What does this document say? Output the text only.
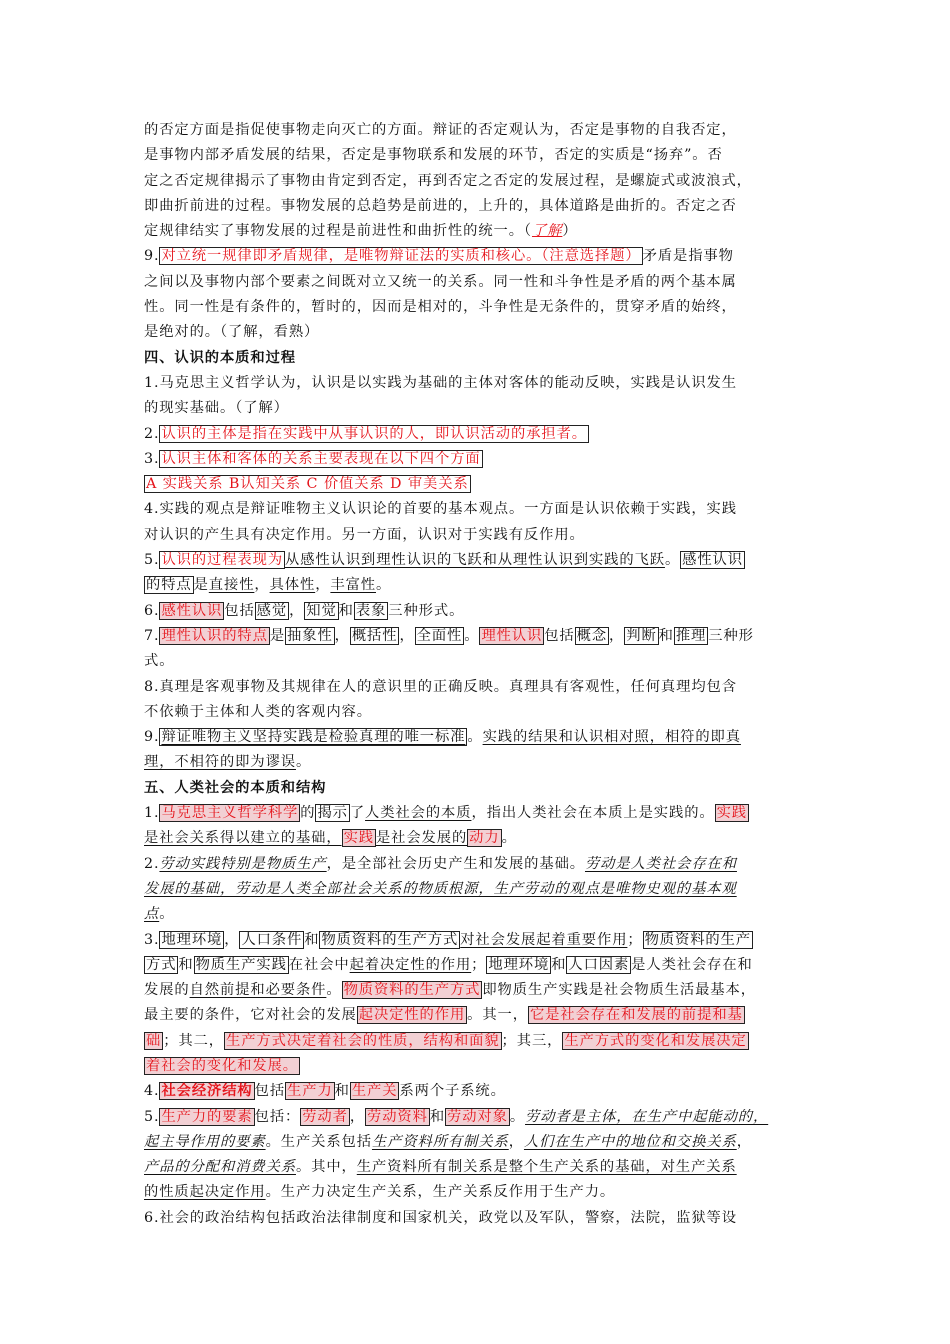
的否定方面是指促使事物走向灭亡的方面。辩证的否定观认为，否定是事物的自我否定，
是事物内部矛盾发展的结果，否定是事物联系和发展的环节，否定的实质是“扬弃”。否
定之否定规律揭示了事物由肯定到否定，再到否定之否定的发展过程，是螺旋式或波浪式，
即曲折前进的过程。事物发展的总趋势是前进的，上升的，具体道路是曲折的。否定之否
定规律结实了事物发展的过程是前进性和曲折性的统一。（了解）
9. 对立统一规律即矛盾规律，是唯物辩证法的实质和核心。（注意选择题） 矛盾是指事物
之间以及事物内部个要素之间既对立又统一的关系。同一性和斗争性是矛盾的两个基本属
性。同一性是有条件的，暂时的，因而是相对的，斗争性是无条件的，贯穿矛盾的始终，
是绝对的。（了解，看熟）
四、认识的本质和过程
1.马克思主义哲学认为，认识是以实践为基础的主体对客体的能动反映，实践是认识发生
的现实基础。（了解）
2. 认识的主体是指在实践中从事认识的人，即认识活动的承担者。
3. 认识主体和客体的关系主要表现在以下四个方面
A 实践关系 B认知关系 C 价值关系 D 审美关系
4.实践的观点是辩证唯物主义认识论的首要的基本观点。一方面是认识依赖于实践，实践
对认识的产生具有决定作用。另一方面，认识对于实践有反作用。
5. 认识的过程表现为 从感性认识到理性认识的飞跃和从理性认识到实践的飞跃。 感性认识
的特点 是直接性，具体性，丰富性。
6. 感性认识 包括 感觉 ， 知觉 和 表象 三种形式。
7. 理性认识的特点 是 抽象性 ， 概括性 ， 全面性 。 理性认识 包括 概念 ， 判断 和 推理 三种形
式。
8.真理是客观事物及其规律在人的意识里的正确反映。真理具有客观性，任何真理均包含
不依赖于主体和人类的客观内容。
9. 辩证唯物主义坚持实践是检验真理的唯一标准 。实践的结果和认识相对照，相符的即真
理，不相符的即为谬误。
五、人类社会的本质和结构
1. 马克思主义哲学科学 的 揭示 了人类社会的本质，指出人类社会在本质上是实践的。 实践
是社会关系得以建立的基础， 实践 是社会发展的 动力 。
2.劳动实践特别是物质生产，是全部社会历史产生和发展的基础。劳动是人类社会存在和
发展的基础，劳动是人类全部社会关系的物质根源，生产劳动的观点是唯物史观的基本观
点。
3. 地理环境 ， 人口条件 和 物质资料的生产方式 对社会发展起着重要作用； 物质资料的生产
方式 和 物质生产实践 在社会中起着决定性的作用； 地理环境 和 人口因素 是人类社会存在和
发展的自然前提和必要条件。 物质资料的生产方式 即物质生产实践是社会物质生活最基本，
最主要的条件，它对社会的发展 起决定性的作用 。其一， 它是社会存在和发展的前提和基
础 ；其二， 生产方式决定着社会的性质，结构和面貌 ；其三， 生产方式的变化和发展决定
着社会的变化和发展。
4. 社会经济结构 包括 生产力 和 生产关 系两个子系统。
5. 生产力的要素 包括： 劳动者 ， 劳动资料 和 劳动对象 。劳动者是主体，在生产中起能动的，
起主导作用的要素。生产关系包括生产资料所有制关系，人们在生产中的地位和交换关系，
产品的分配和消费关系。其中，生产资料所有制关系是整个生产关系的基础，对生产关系
的性质起决定作用。生产力决定生产关系，生产关系反作用于生产力。
6.社会的政治结构包括政治法律制度和国家机关，政党以及军队，警察，法院，监狱等设
